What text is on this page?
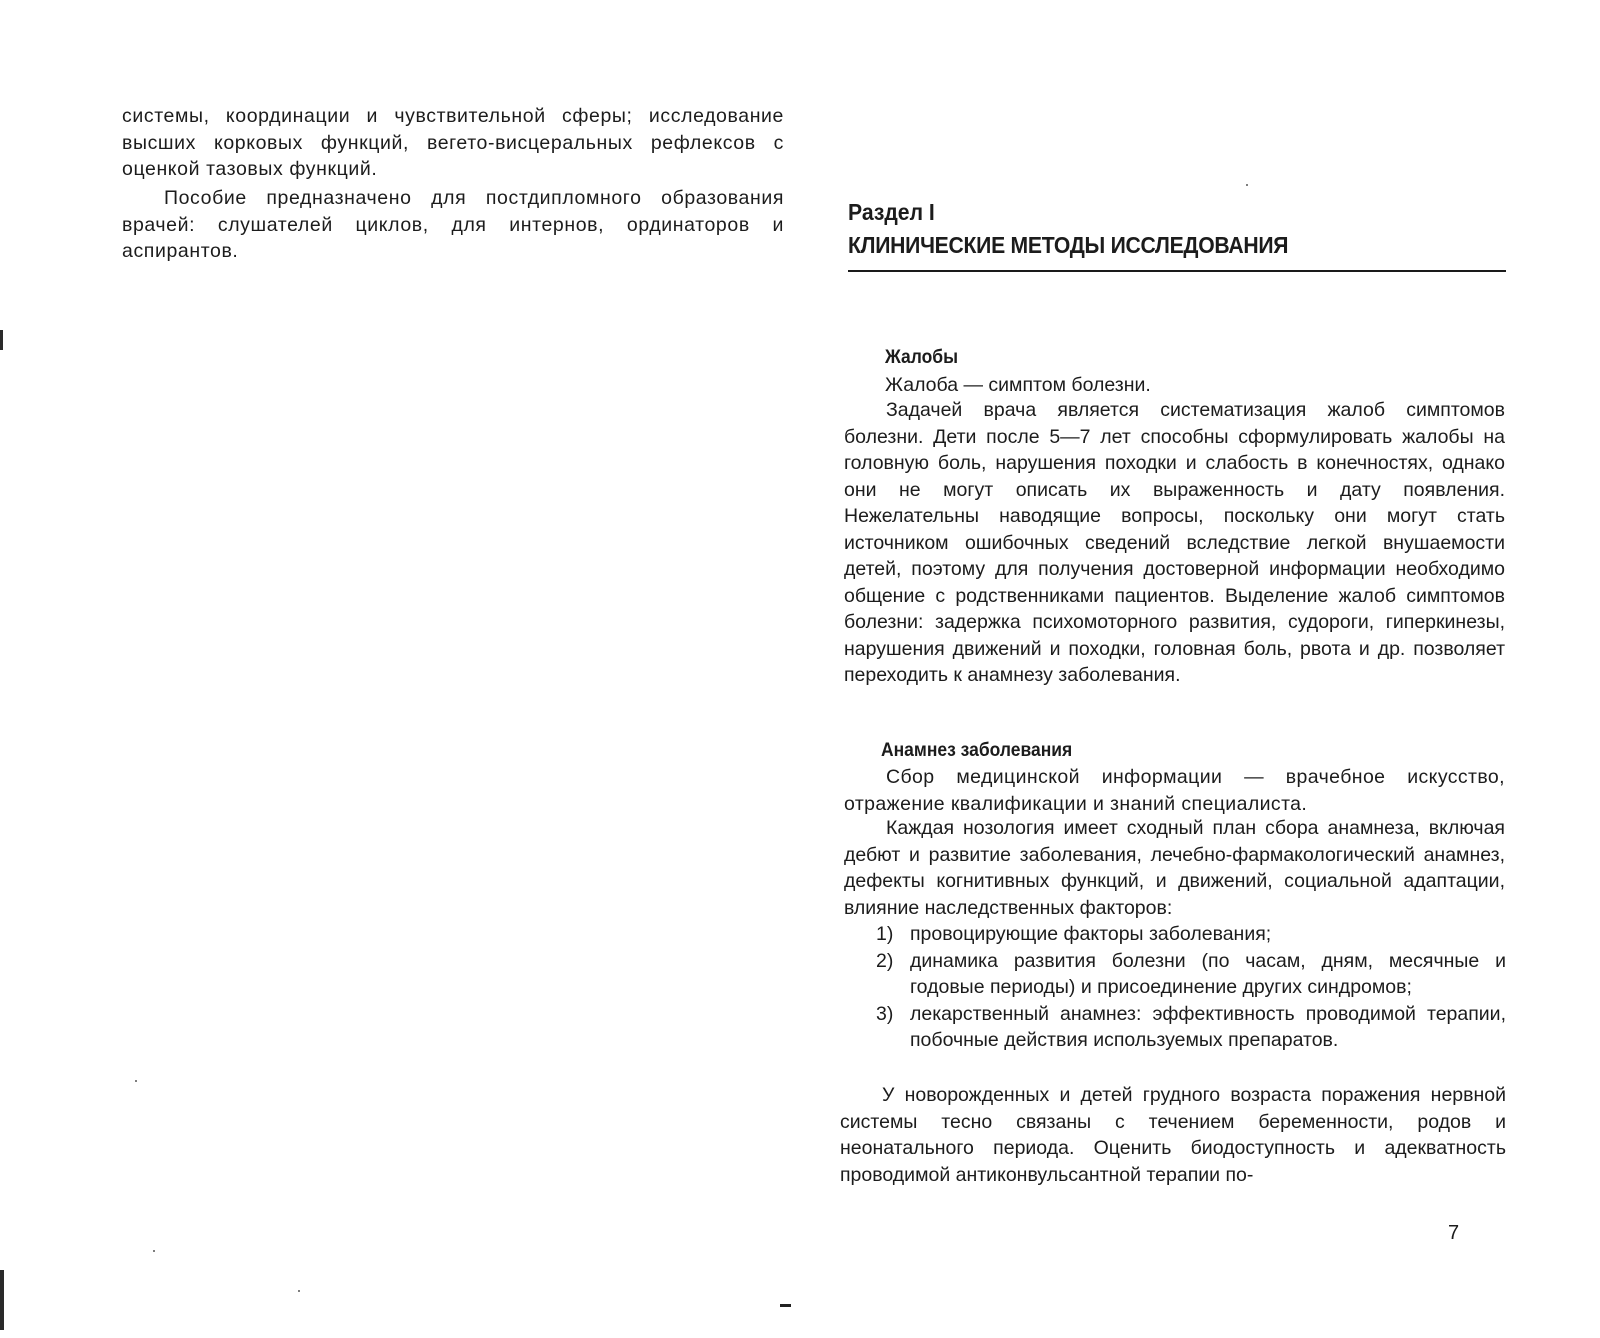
системы, координации и чувствительной сферы; исследование высших корковых функций, вегето-висцеральных рефлексов с оценкой тазовых функций.

Пособие предназначено для постдипломного образования врачей: слушателей циклов, для интернов, ординаторов и аспирантов.

Раздел I
КЛИНИЧЕСКИЕ МЕТОДЫ ИССЛЕДОВАНИЯ
Жалобы

Жалоба — симптом болезни.

Задачей врача является систематизация жалоб симптомов болезни. Дети после 5—7 лет способны сформулировать жалобы на головную боль, нарушения походки и слабость в конечностях, однако они не могут описать их выраженность и дату появления. Нежелательны наводящие вопросы, поскольку они могут стать источником ошибочных сведений вследствие легкой внушаемости детей, поэтому для получения достоверной информации необходимо общение с родственниками пациентов. Выделение жалоб симптомов болезни: задержка психомоторного развития, судороги, гиперкинезы, нарушения движений и походки, головная боль, рвота и др. позволяет переходить к анамнезу заболевания.

Анамнез заболевания

Сбор медицинской информации — врачебное искусство, отражение квалификации и знаний специалиста.

Каждая нозология имеет сходный план сбора анамнеза, включая дебют и развитие заболевания, лечебно-фармакологический анамнез, дефекты когнитивных функций, и движений, социальной адаптации, влияние наследственных факторов:

1) провоцирующие факторы заболевания;
2) динамика развития болезни (по часам, дням, месячные и годовые периоды) и присоединение других синдромов;
3) лекарственный анамнез: эффективность проводимой терапии, побочные действия используемых препаратов.

У новорожденных и детей грудного возраста поражения нервной системы тесно связаны с течением беременности, родов и неонатального периода. Оценить биодоступность и адекватность проводимой антиконвульсантной терапии по-

7
